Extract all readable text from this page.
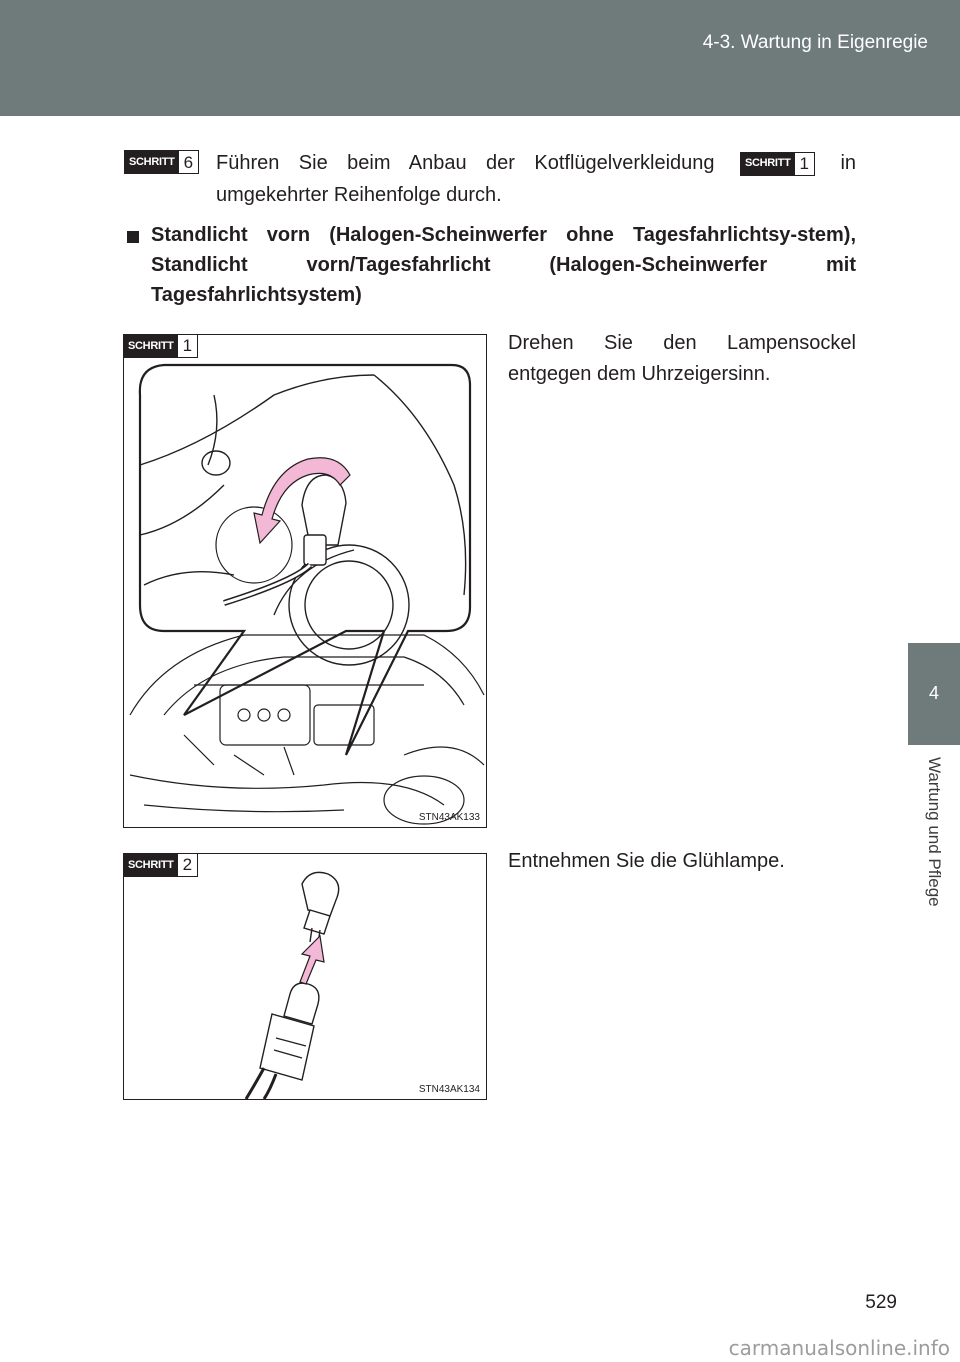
4-3. Wartung in Eigenregie
4
Wartung und Pflege
SCHRITT 6 Führen Sie beim Anbau der Kotflügelverkleidung	SCHRITT 1 in
umgekehrter Reihenfolge durch.
Standlicht vorn (Halogen-Scheinwerfer ohne Tagesfahrlichtsy-stem), Standlicht vorn/Tagesfahrlicht (Halogen-Scheinwerfer mit Tagesfahrlichtsystem)
SCHRITT 1
STN43AK133
Drehen Sie den Lampensockel entgegen dem Uhrzeigersinn.
SCHRITT 2
STN43AK134
Entnehmen Sie die Glühlampe.
529
carmanualsonline.info
